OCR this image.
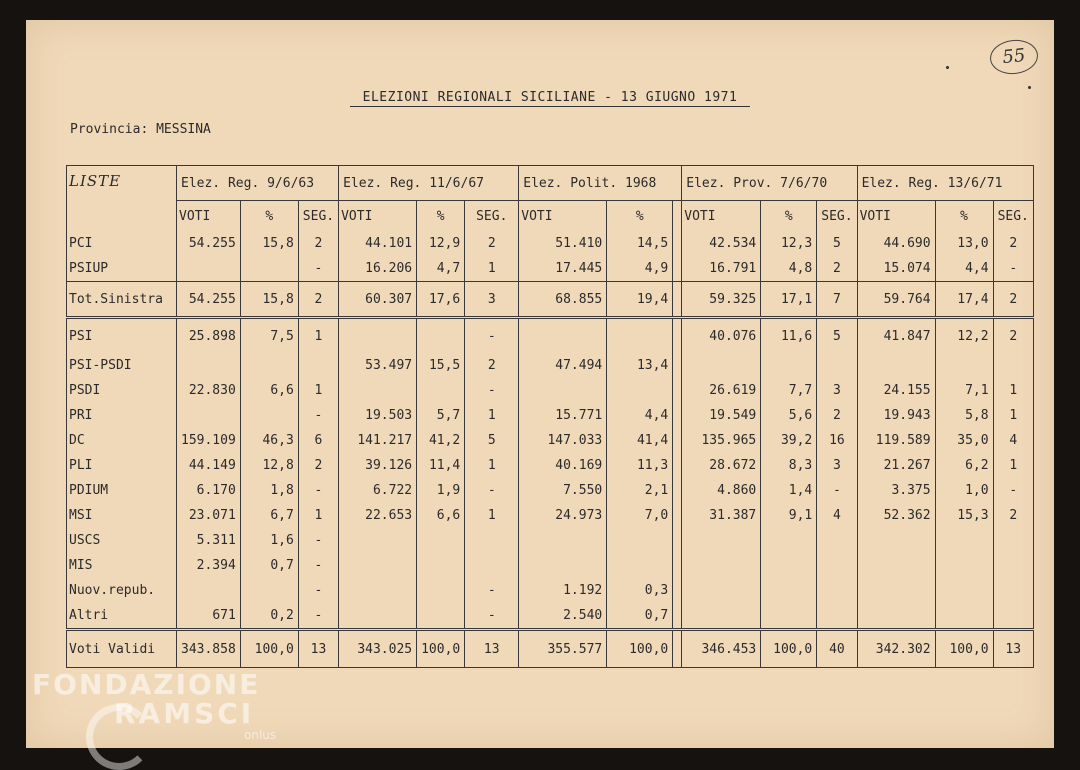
55
ELEZIONI REGIONALI SICILIANE - 13 GIUGNO 1971
Provincia: MESSINA
LISTE	Elez. Reg. 9/6/63			Elez. Reg. 11/6/67			Elez. Polit. 1968			Elez. Prov. 7/6/70			Elez. Reg. 13/6/71		
	VOTI	%	SEG.	VOTI	%	SEG.	VOTI	%		VOTI	%	SEG.	VOTI	%	SEG.
PCI	54.255	15,8	2	44.101	12,9	2	51.410	14,5		42.534	12,3	5	44.690	13,0	2
PSIUP			-	16.206	4,7	1	17.445	4,9		16.791	4,8	2	15.074	4,4	-
Tot.Sinistra	54.255	15,8	2	60.307	17,6	3	68.855	19,4		59.325	17,1	7	59.764	17,4	2
PSI	25.898	7,5	1			-				40.076	11,6	5	41.847	12,2	2
PSI-PSDI				53.497	15,5	2	47.494	13,4							
PSDI	22.830	6,6	1			-				26.619	7,7	3	24.155	7,1	1
PRI			-	19.503	5,7	1	15.771	4,4		19.549	5,6	2	19.943	5,8	1
DC	159.109	46,3	6	141.217	41,2	5	147.033	41,4		135.965	39,2	16	119.589	35,0	4
PLI	44.149	12,8	2	39.126	11,4	1	40.169	11,3		28.672	8,3	3	21.267	6,2	1
PDIUM	6.170	1,8	-	6.722	1,9	-	7.550	2,1		4.860	1,4	-	3.375	1,0	-
MSI	23.071	6,7	1	22.653	6,6	1	24.973	7,0		31.387	9,1	4	52.362	15,3	2
USCS	5.311	1,6	-												
MIS	2.394	0,7	-												
Nuov.repub.			-			-	1.192	0,3							
Altri	671	0,2	-			-	2.540	0,7							
Voti Validi	343.858	100,0	13	343.025	100,0	13	355.577	100,0		346.453	100,0	40	342.302	100,0	13
FONDAZIONE
RAMSCI
onlus
